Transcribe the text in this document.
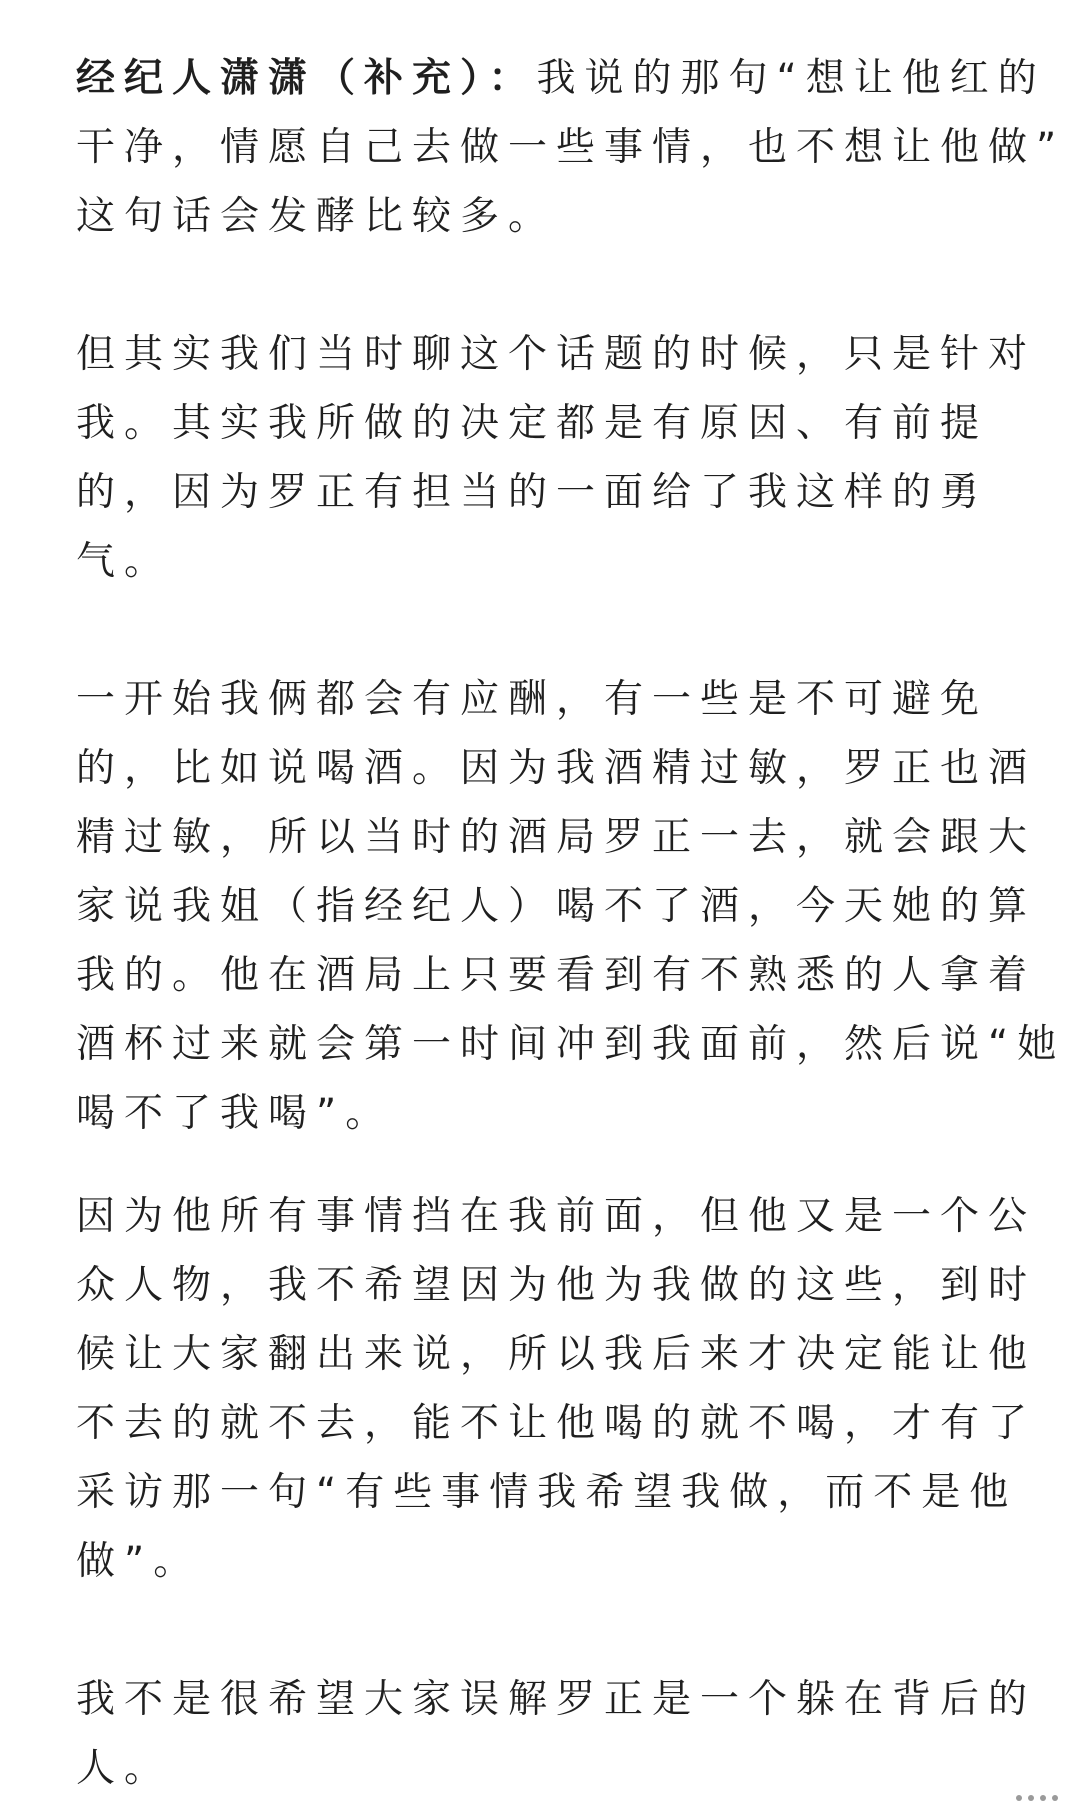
经纪人潇潇（补充）：我说的那句“想让他红的
干净，情愿自己去做一些事情，也不想让他做”
这句话会发酵比较多。
但其实我们当时聊这个话题的时候，只是针对
我。其实我所做的决定都是有原因、有前提
的，因为罗正有担当的一面给了我这样的勇
气。
一开始我俩都会有应酬，有一些是不可避免
的，比如说喝酒。因为我酒精过敏，罗正也酒
精过敏，所以当时的酒局罗正一去，就会跟大
家说我姐（指经纪人）喝不了酒，今天她的算
我的。他在酒局上只要看到有不熟悉的人拿着
酒杯过来就会第一时间冲到我面前，然后说“她
喝不了我喝”。
因为他所有事情挡在我前面，但他又是一个公
众人物，我不希望因为他为我做的这些，到时
候让大家翻出来说，所以我后来才决定能让他
不去的就不去，能不让他喝的就不喝，才有了
采访那一句“有些事情我希望我做，而不是他
做”。
我不是很希望大家误解罗正是一个躲在背后的
人。
